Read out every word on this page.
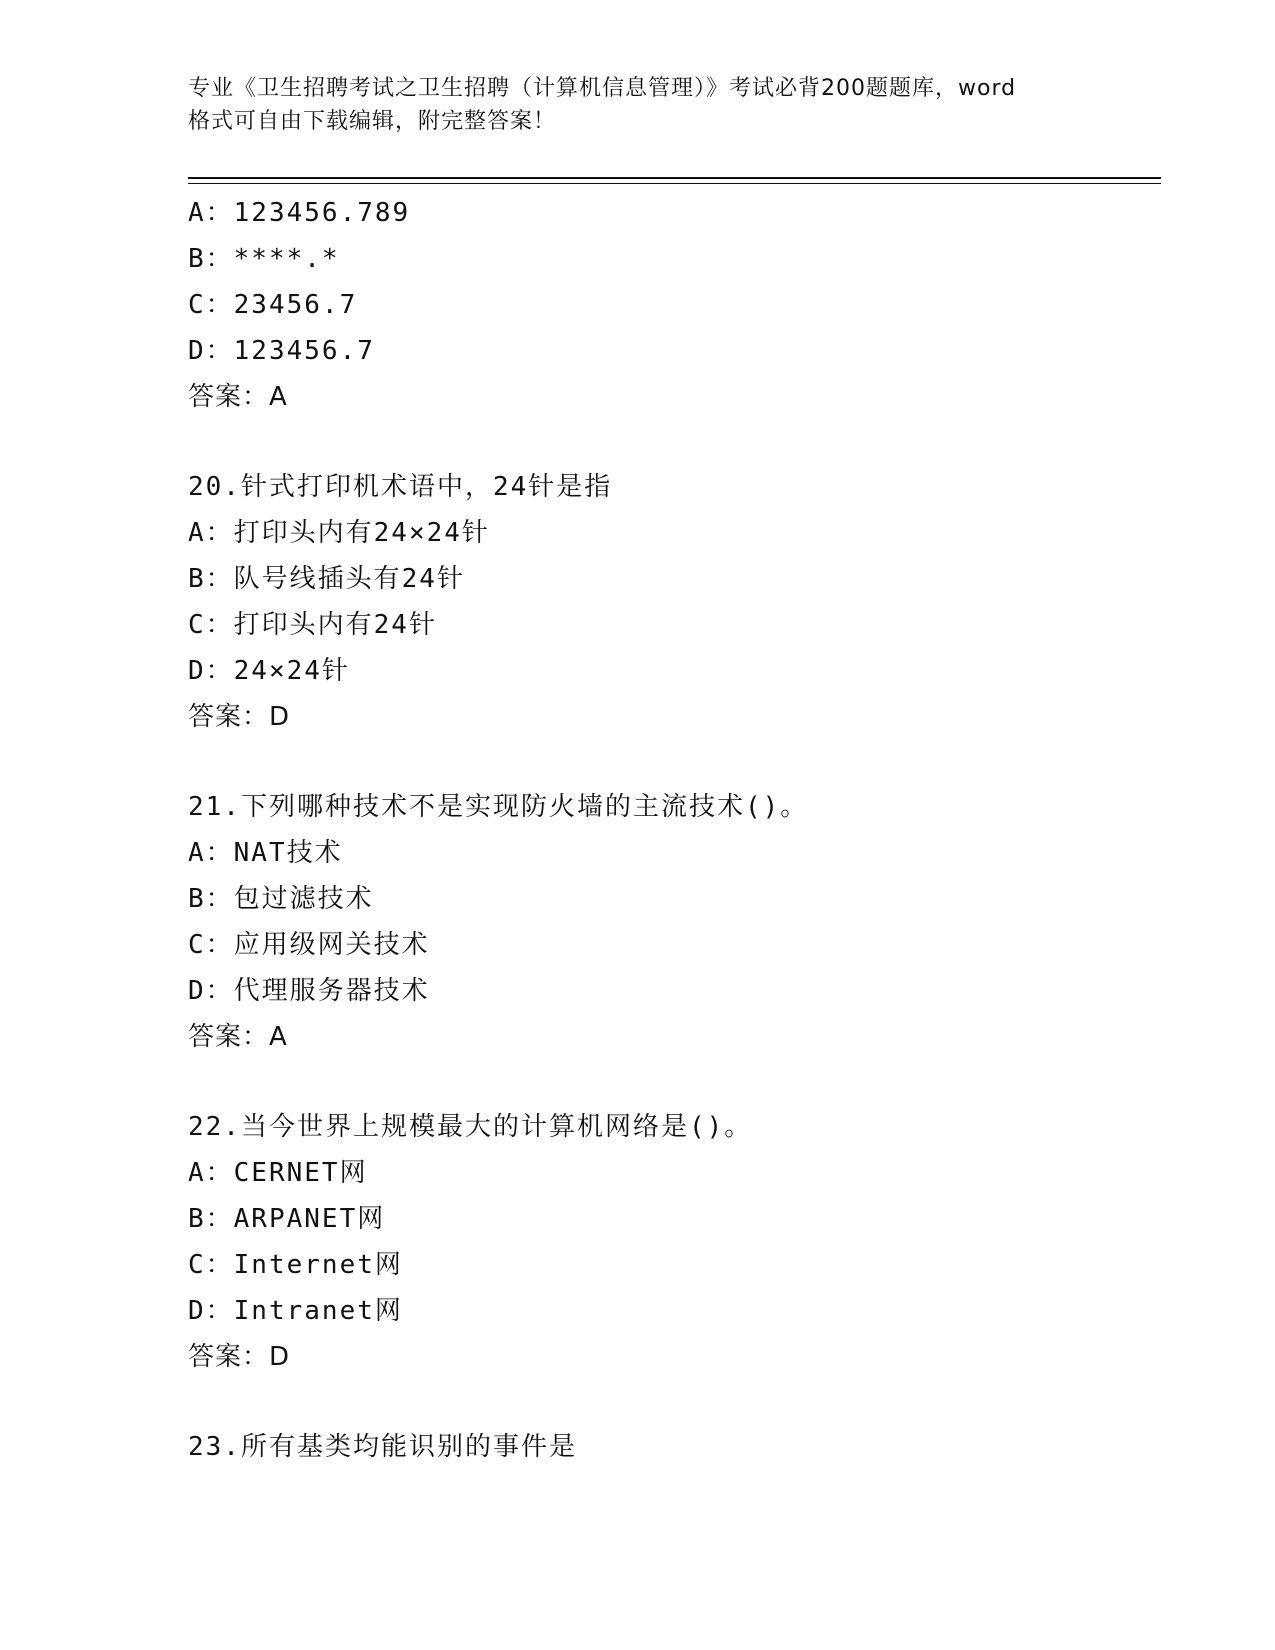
专业《卫生招聘考试之卫生招聘（计算机信息管理）》考试必背200题题库，word

格式可自由下载编辑，附完整答案！

A：123456.789
B：****.*
C：23456.7
D：123456.7
答案：A
20.针式打印机术语中，24针是指
A：打印头内有24×24针
B：队号线插头有24针
C：打印头内有24针
D：24×24针
答案：D
21.下列哪种技术不是实现防火墙的主流技术()。
A：NAT技术
B：包过滤技术
C：应用级网关技术
D：代理服务器技术
答案：A
22.当今世界上规模最大的计算机网络是()。
A：CERNET网
B：ARPANET网
C：Internet网
D：Intranet网
答案：D
23.所有基类均能识别的事件是
